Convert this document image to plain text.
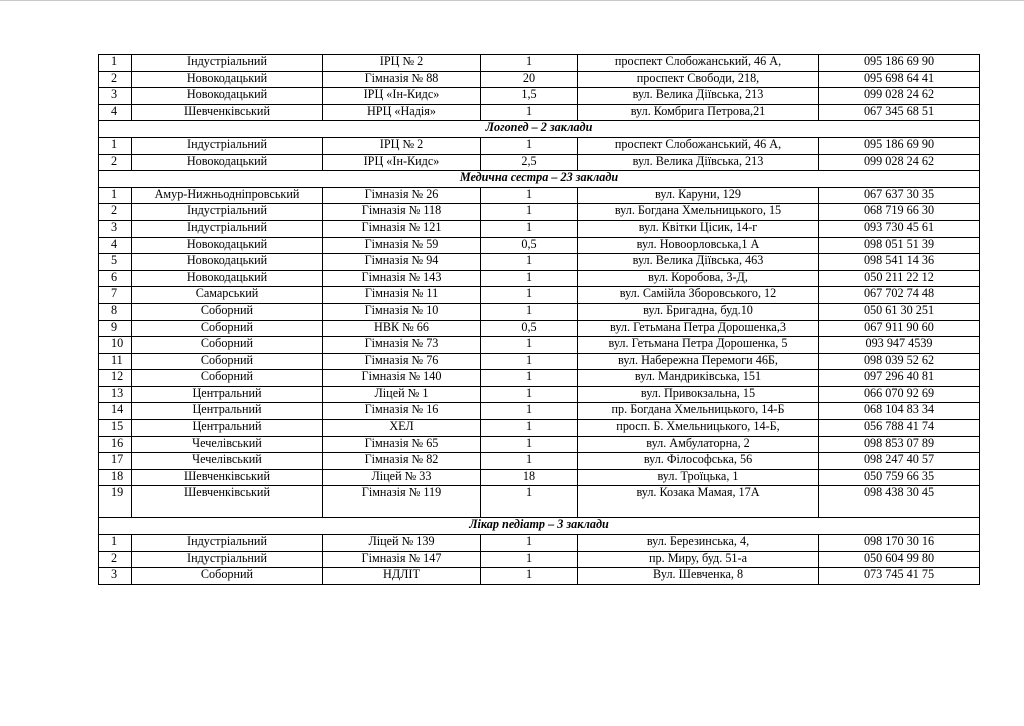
1	Індустріальний	ІРЦ № 2	1	проспект Слобожанський, 46 А,	095 186 69 90
2	Новокодацький	Гімназія № 88	20	проспект Свободи, 218,	095 698 64 41
3	Новокодацький	ІРЦ «Ін-Кидс»	1,5	вул. Велика Діївська, 213	099 028 24 62
4	Шевченківський	НРЦ «Надія»	1	вул. Комбрига Петрова,21	067 345 68 51
Логопед – 2 заклади					
1	Індустріальний	ІРЦ № 2	1	проспект Слобожанський, 46 А,	095 186 69 90
2	Новокодацький	ІРЦ «Ін-Кидс»	2,5	вул. Велика Діївська, 213	099 028 24 62
Медична сестра – 23 заклади					
1	Амур-Нижньодніпровський	Гімназія № 26	1	вул. Каруни, 129	067 637 30 35
2	Індустріальний	Гімназія № 118	1	вул. Богдана Хмельницького, 15	068 719 66 30
3	Індустріальний	Гімназія № 121	1	вул. Квітки Цісик, 14-г	093 730 45 61
4	Новокодацький	Гімназія № 59	0,5	вул. Новоорловська,1 А	098 051 51 39
5	Новокодацький	Гімназія № 94	1	вул. Велика Діївська, 463	098 541 14 36
6	Новокодацький	Гімназія № 143	1	вул. Коробова, 3-Д,	050 211 22 12
7	Самарський	Гімназія № 11	1	вул. Самійла Зборовського, 12	067 702 74 48
8	Соборний	Гімназія № 10	1	вул. Бригадна, буд.10	050 61 30 251
9	Соборний	НВК № 66	0,5	вул. Гетьмана Петра Дорошенка,3	067 911 90 60
10	Соборний	Гімназія № 73	1	вул. Гетьмана Петра Дорошенка, 5	093 947 4539
11	Соборний	Гімназія № 76	1	вул. Набережна Перемоги 46Б,	098 039 52 62
12	Соборний	Гімназія № 140	1	вул. Мандриківська, 151	097 296 40 81
13	Центральний	Ліцей № 1	1	вул. Привокзальна, 15	066 070 92 69
14	Центральний	Гімназія № 16	1	пр. Богдана Хмельницького, 14-Б	068 104 83 34
15	Центральний	ХЕЛ	1	просп. Б. Хмельницького, 14-Б,	056 788 41 74
16	Чечелівський	Гімназія № 65	1	вул. Амбулаторна, 2	098 853 07 89
17	Чечелівський	Гімназія № 82	1	вул. Філософська, 56	098 247 40 57
18	Шевченківський	Ліцей № 33	18	вул. Троїцька, 1	050 759 66 35
19	Шевченківський	Гімназія № 119	1	вул. Козака Мамая, 17А	098 438 30 45
Лікар педіатр – 3 заклади					
1	Індустріальний	Ліцей № 139	1	вул. Березинська, 4,	098 170 30 16
2	Індустріальний	Гімназія № 147	1	пр. Миру, буд. 51-а	050 604 99 80
3	Соборний	НДЛІТ	1	Вул. Шевченка, 8	073 745 41 75
